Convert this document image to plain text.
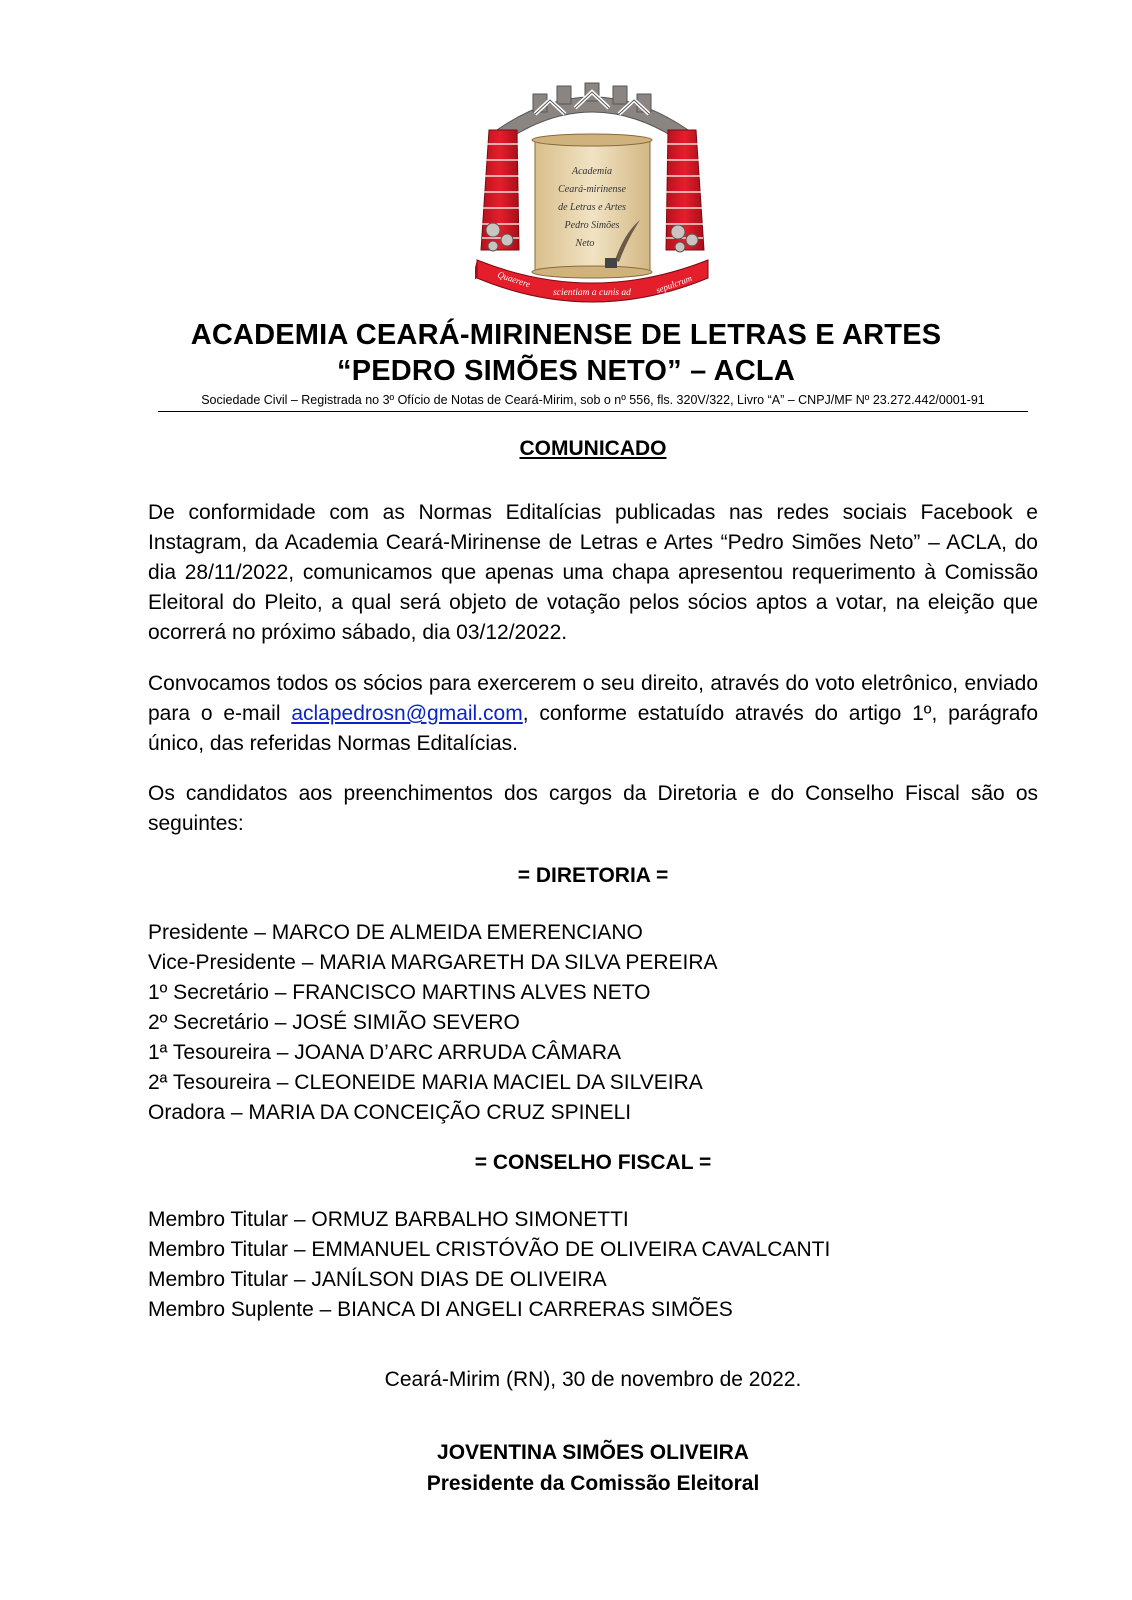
Academia
Ceará-mirinense
de Letras e Artes
Pedro Simões
Neto
Quaerere
scientiam a cunis ad	sepulcrum
ACADEMIA CEARÁ-MIRINENSE DE LETRAS E ARTES
“PEDRO SIMÕES NETO” – ACLA
Sociedade Civil – Registrada no 3º Ofício de Notas de Ceará-Mirim, sob o nº 556, fls. 320V/322, Livro “A” – CNPJ/MF Nº 23.272.442/0001-91
COMUNICADO
De conformidade com as Normas Editalícias publicadas nas redes sociais Facebook e Instagram, da Academia Ceará-Mirinense de Letras e Artes “Pedro Simões Neto” – ACLA, do dia 28/11/2022, comunicamos que apenas uma chapa apresentou requerimento à Comissão Eleitoral do Pleito, a qual será objeto de votação pelos sócios aptos a votar, na eleição que ocorrerá no próximo sábado, dia 03/12/2022.
Convocamos todos os sócios para exercerem o seu direito, através do voto eletrônico, enviado para o e-mail aclapedrosn@gmail.com, conforme estatuído através do artigo 1º, parágrafo único, das referidas Normas Editalícias.
Os candidatos aos preenchimentos dos cargos da Diretoria e do Conselho Fiscal são os seguintes:
= DIRETORIA =
Presidente – MARCO DE ALMEIDA EMERENCIANO
Vice-Presidente – MARIA MARGARETH DA SILVA PEREIRA
1º Secretário – FRANCISCO MARTINS ALVES NETO
2º Secretário – JOSÉ SIMIÃO SEVERO
1ª Tesoureira – JOANA D’ARC ARRUDA CÂMARA
2ª Tesoureira – CLEONEIDE MARIA MACIEL DA SILVEIRA
Oradora – MARIA DA CONCEIÇÃO CRUZ SPINELI
= CONSELHO FISCAL =
Membro Titular – ORMUZ BARBALHO SIMONETTI
Membro Titular – EMMANUEL CRISTÓVÃO DE OLIVEIRA CAVALCANTI
Membro Titular – JANÍLSON DIAS DE OLIVEIRA
Membro Suplente – BIANCA DI ANGELI CARRERAS SIMÕES
Ceará-Mirim (RN), 30 de novembro de 2022.
JOVENTINA SIMÕES OLIVEIRA
Presidente da Comissão Eleitoral
